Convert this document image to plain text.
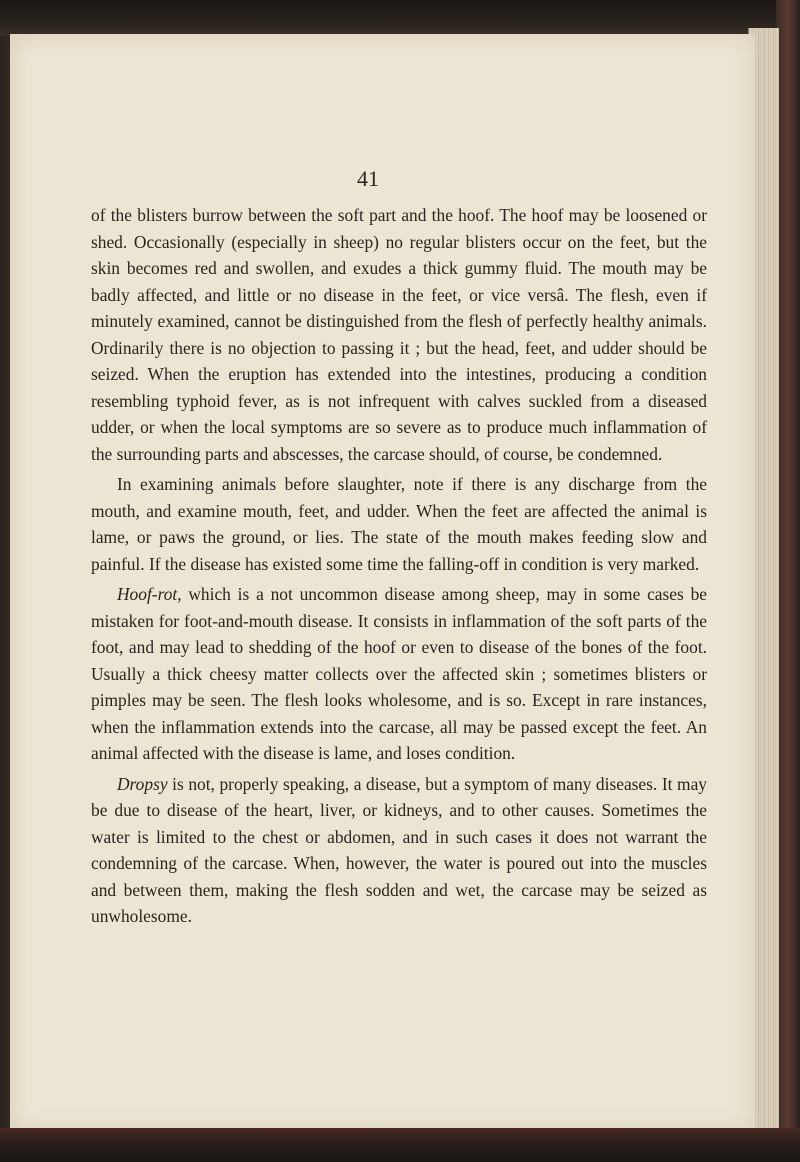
41

of the blisters burrow between the soft part and the hoof. The hoof may be loosened or shed. Occasionally (especially in sheep) no regular blisters occur on the feet, but the skin becomes red and swollen, and exudes a thick gummy fluid. The mouth may be badly affected, and little or no disease in the feet, or vice versâ. The flesh, even if minutely examined, cannot be distinguished from the flesh of perfectly healthy animals. Ordinarily there is no objection to passing it ; but the head, feet, and udder should be seized. When the eruption has extended into the intestines, producing a condition resembling typhoid fever, as is not infrequent with calves suckled from a diseased udder, or when the local symptoms are so severe as to produce much inflammation of the surrounding parts and abscesses, the carcase should, of course, be condemned.

In examining animals before slaughter, note if there is any discharge from the mouth, and examine mouth, feet, and udder. When the feet are affected the animal is lame, or paws the ground, or lies. The state of the mouth makes feeding slow and painful. If the disease has existed some time the falling-off in condition is very marked.

Hoof-rot, which is a not uncommon disease among sheep, may in some cases be mistaken for foot-and-mouth disease. It consists in inflammation of the soft parts of the foot, and may lead to shedding of the hoof or even to disease of the bones of the foot. Usually a thick cheesy matter collects over the affected skin ; sometimes blisters or pimples may be seen. The flesh looks wholesome, and is so. Except in rare instances, when the inflammation extends into the carcase, all may be passed except the feet. An animal affected with the disease is lame, and loses condition.

Dropsy is not, properly speaking, a disease, but a symptom of many diseases. It may be due to disease of the heart, liver, or kidneys, and to other causes. Sometimes the water is limited to the chest or abdomen, and in such cases it does not warrant the condemning of the carcase. When, however, the water is poured out into the muscles and between them, making the flesh sodden and wet, the carcase may be seized as unwholesome.
